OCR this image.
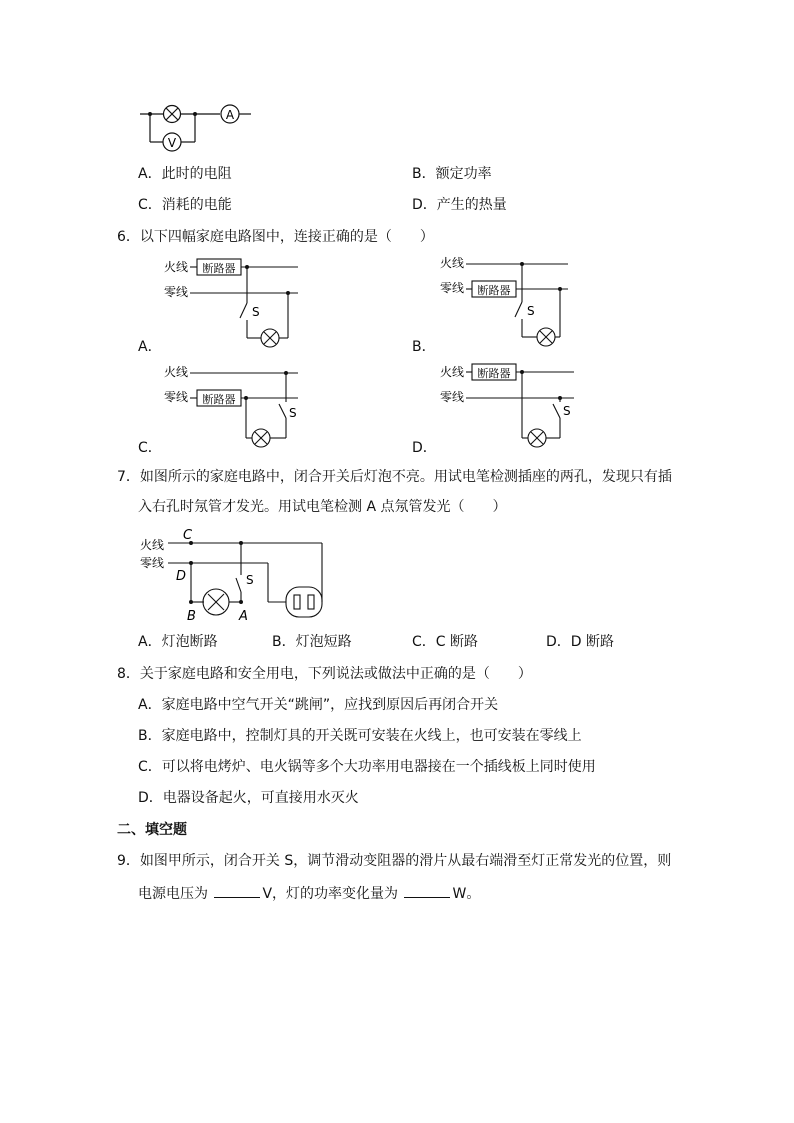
V
A
A．此时的电阻	B．额定功率
C．消耗的电能	D．产生的热量
6．以下四幅家庭电路图中，连接正确的是（　　）
火线
零线
断路器
S
A．
火线
零线 断路器
S
B．
火线
零线 断路器
S
C．
火线
零线
断路器
S
D．
7．如图所示的家庭电路中，闭合开关后灯泡不亮。用试电笔检测插座的两孔，发现只有插
入右孔时氖管才发光。用试电笔检测 A 点氖管发光（　　）
火线
零线
C
D
B	A
S
A．灯泡断路	B．灯泡短路	C．C 断路	D．D 断路
8．关于家庭电路和安全用电，下列说法或做法中正确的是（　　）
A．家庭电路中空气开关“跳闸”，应找到原因后再闭合开关
B．家庭电路中，控制灯具的开关既可安装在火线上，也可安装在零线上
C．可以将电烤炉、电火锅等多个大功率用电器接在一个插线板上同时使用
D．电器设备起火，可直接用水灭火
二、填空题
9．如图甲所示，闭合开关 S，调节滑动变阻器的滑片从最右端滑至灯正常发光的位置，则
电源电压为	V，灯的功率变化量为	W。
